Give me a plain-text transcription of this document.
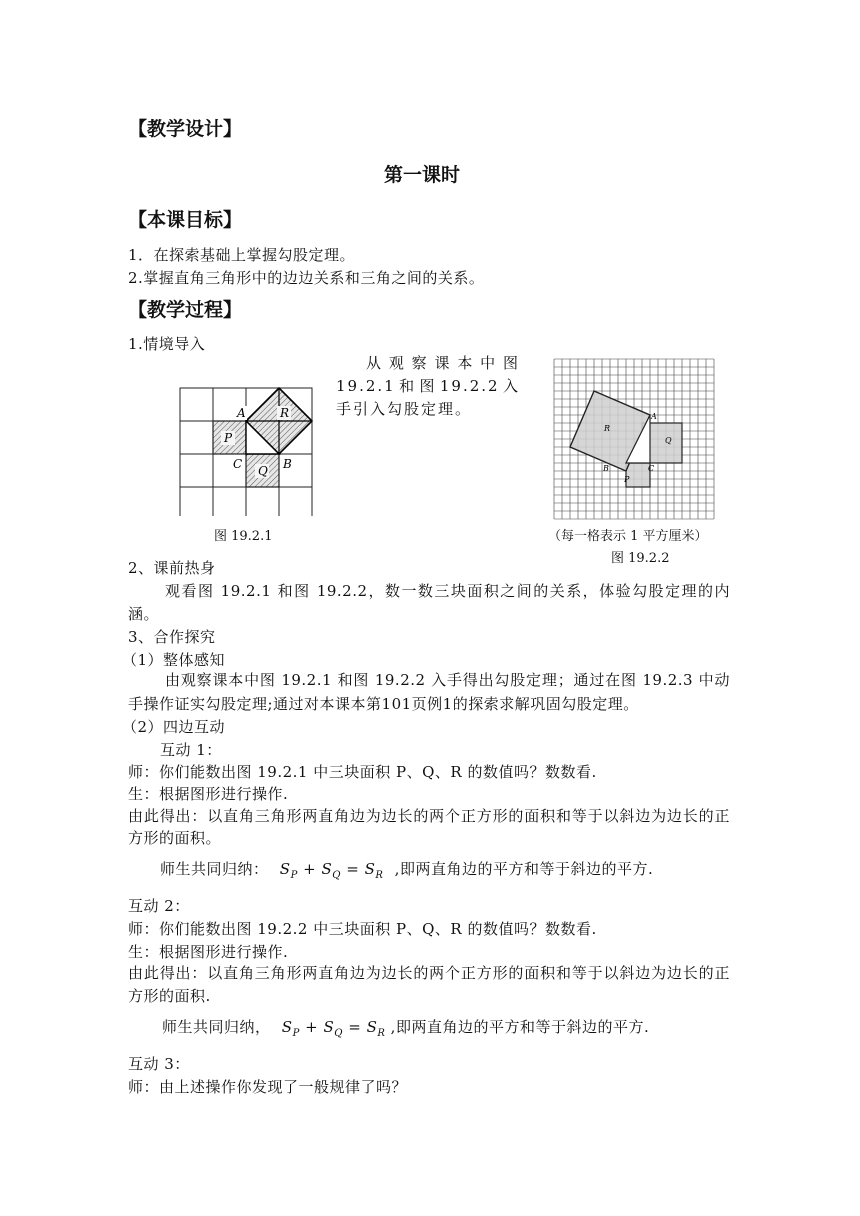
【教学设计】
第一课时
【本课目标】
1．在探索基础上掌握勾股定理。
2.掌握直角三角形中的边边关系和三角之间的关系。
【教学过程】
1.情境导入
从观察课本中图19.2.1和图19.2.2入手引入勾股定理。
A	R
P
C Q B
图 19.2.1
A
R
Q
B	C
P
（每一格表示 1 平方厘米）
图 19.2.2
2、课前热身
观看图 19.2.1 和图 19.2.2，数一数三块面积之间的关系，体验勾股定理的内涵。
3、合作探究
（1）整体感知
由观察课本中图 19.2.1 和图 19.2.2 入手得出勾股定理；通过在图 19.2.3 中动手操作证实勾股定理;通过对本课本第101页例1的探索求解巩固勾股定理。
（2）四边互动
互动 1：
师：你们能数出图 19.2.1 中三块面积 P、Q、R 的数值吗？数数看.
生：根据图形进行操作.
由此得出：以直角三角形两直角边为边长的两个正方形的面积和等于以斜边为边长的正方形的面积。
师生共同归纳： $S_P + S_Q = S_R$ ,即两直角边的平方和等于斜边的平方.
互动 2：
师：你们能数出图 19.2.2 中三块面积 P、Q、R 的数值吗？数数看.
生：根据图形进行操作.
由此得出：以直角三角形两直角边为边长的两个正方形的面积和等于以斜边为边长的正方形的面积.
师生共同归纳， $S_P + S_Q = S_R$ ,即两直角边的平方和等于斜边的平方.
互动 3：
师：由上述操作你发现了一般规律了吗？
